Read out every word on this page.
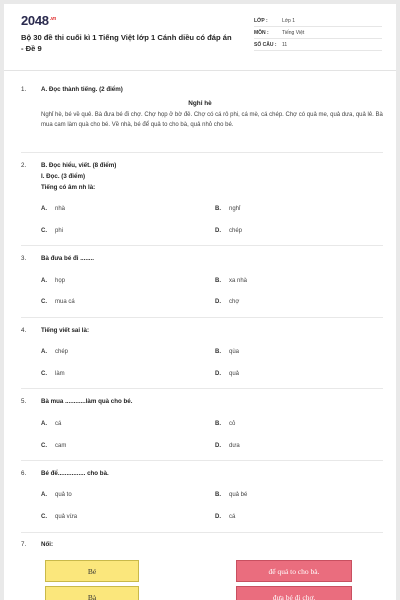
$2048^{.vn}$
Bộ 30 đề thi cuối kì 1 Tiếng Việt lớp 1 Cánh diều có đáp án - Đề 9
LỚP :	Lớp 1
MÔN :	Tiếng Việt
SỐ CÂU :	11
1. A. Đọc thành tiếng. (2 điểm)
Nghỉ hè
Nghỉ hè, bé về quê. Bà đưa bé đi chợ. Chợ họp ở bờ đê. Chợ có cá rô phi, cá mè, cá chép. Chợ có quả me, quả dưa, quả lê. Bà mua cam làm quà cho bé. Về nhà, bé để quả to cho bà, quả nhỏ cho bé.
2. B. Đọc hiểu, viết. (8 điểm)
I. Đọc. (3 điểm)
Tiếng có âm nh là:
A. nhà	B. nghỉ
C. phi	D. chép
3. Bà đưa bé đi ........
A. họp	B. xa nhà
C. mua cá	D. chợ
4. Tiếng viết sai là:
A. chép	B. qùa
C. làm	D. quả
5. Bà mua ............làm quà cho bé.
A. cá	B. cỏ
C. cam	D. dưa
6. Bé để................ cho bà.
A. quả to	B. quả bé
C. quả vừa	D. cá
7. Nối:
Bé	để quả to cho bà.
Bà	đưa bé đi chợ.
